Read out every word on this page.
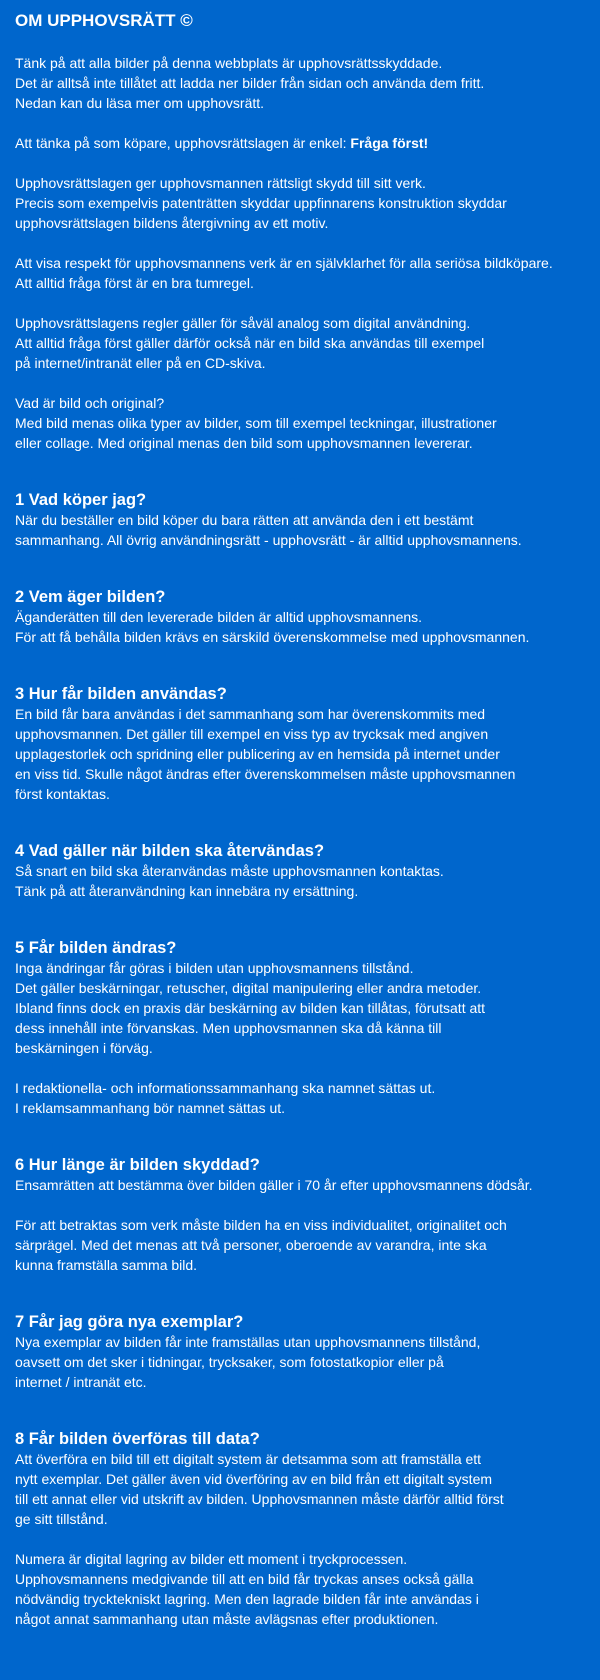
OM UPPHOVSRÄTT ©

Tänk på att alla bilder på denna webbplats är upphovsrättsskyddade.
Det är alltså inte tillåtet att ladda ner bilder från sidan och använda dem fritt.
Nedan kan du läsa mer om upphovsrätt.

Att tänka på som köpare, upphovsrättslagen är enkel: Fråga först!

Upphovsrättslagen ger upphovsmannen rättsligt skydd till sitt verk.
Precis som exempelvis patenträtten skyddar uppfinnarens konstruktion skyddar
upphovsrättslagen bildens återgivning av ett motiv.

Att visa respekt för upphovsmannens verk är en självklarhet för alla seriösa bildköpare.
Att alltid fråga först är en bra tumregel.

Upphovsrättslagens regler gäller för såväl analog som digital användning.
Att alltid fråga först gäller därför också när en bild ska användas till exempel
på internet/intranät eller på en CD-skiva.

Vad är bild och original?
Med bild menas olika typer av bilder, som till exempel teckningar, illustrationer
eller collage. Med original menas den bild som upphovsmannen levererar.

1 Vad köper jag?

När du beställer en bild köper du bara rätten att använda den i ett bestämt
sammanhang. All övrig användningsrätt - upphovsrätt - är alltid upphovsmannens.

2 Vem äger bilden?

Äganderätten till den levererade bilden är alltid upphovsmannens.
För att få behålla bilden krävs en särskild överenskommelse med upphovsmannen.

3 Hur får bilden användas?

En bild får bara användas i det sammanhang som har överenskommits med
upphovsmannen. Det gäller till exempel en viss typ av trycksak med angiven
upplagestorlek och spridning eller publicering av en hemsida på internet under
en viss tid. Skulle något ändras efter överenskommelsen måste upphovsmannen
först kontaktas.

4 Vad gäller när bilden ska återvändas?

Så snart en bild ska återanvändas måste upphovsmannen kontaktas.
Tänk på att återanvändning kan innebära ny ersättning.

5 Får bilden ändras?

Inga ändringar får göras i bilden utan upphovsmannens tillstånd.
Det gäller beskärningar, retuscher, digital manipulering eller andra metoder.
Ibland finns dock en praxis där beskärning av bilden kan tillåtas, förutsatt att
dess innehåll inte förvanskas. Men upphovsmannen ska då känna till
beskärningen i förväg.

I redaktionella- och informationssammanhang ska namnet sättas ut.
I reklamsammanhang bör namnet sättas ut.

6 Hur länge är bilden skyddad?

Ensamrätten att bestämma över bilden gäller i 70 år efter upphovsmannens dödsår.

För att betraktas som verk måste bilden ha en viss individualitet, originalitet och
särprägel. Med det menas att två personer, oberoende av varandra, inte ska
kunna framställa samma bild.

7 Får jag göra nya exemplar?

Nya exemplar av bilden får inte framställas utan upphovsmannens tillstånd,
oavsett om det sker i tidningar, trycksaker, som fotostatkopior eller på
internet / intranät etc.

8 Får bilden överföras till data?

Att överföra en bild till ett digitalt system är detsamma som att framställa ett
nytt exemplar. Det gäller även vid överföring av en bild från ett digitalt system
till ett annat eller vid utskrift av bilden. Upphovsmannen måste därför alltid först
ge sitt tillstånd.

Numera är digital lagring av bilder ett moment i tryckprocessen.
Upphovsmannens medgivande till att en bild får tryckas anses också gälla
nödvändig trycktekniskt lagring. Men den lagrade bilden får inte användas i
något annat sammanhang utan måste avlägsnas efter produktionen.
